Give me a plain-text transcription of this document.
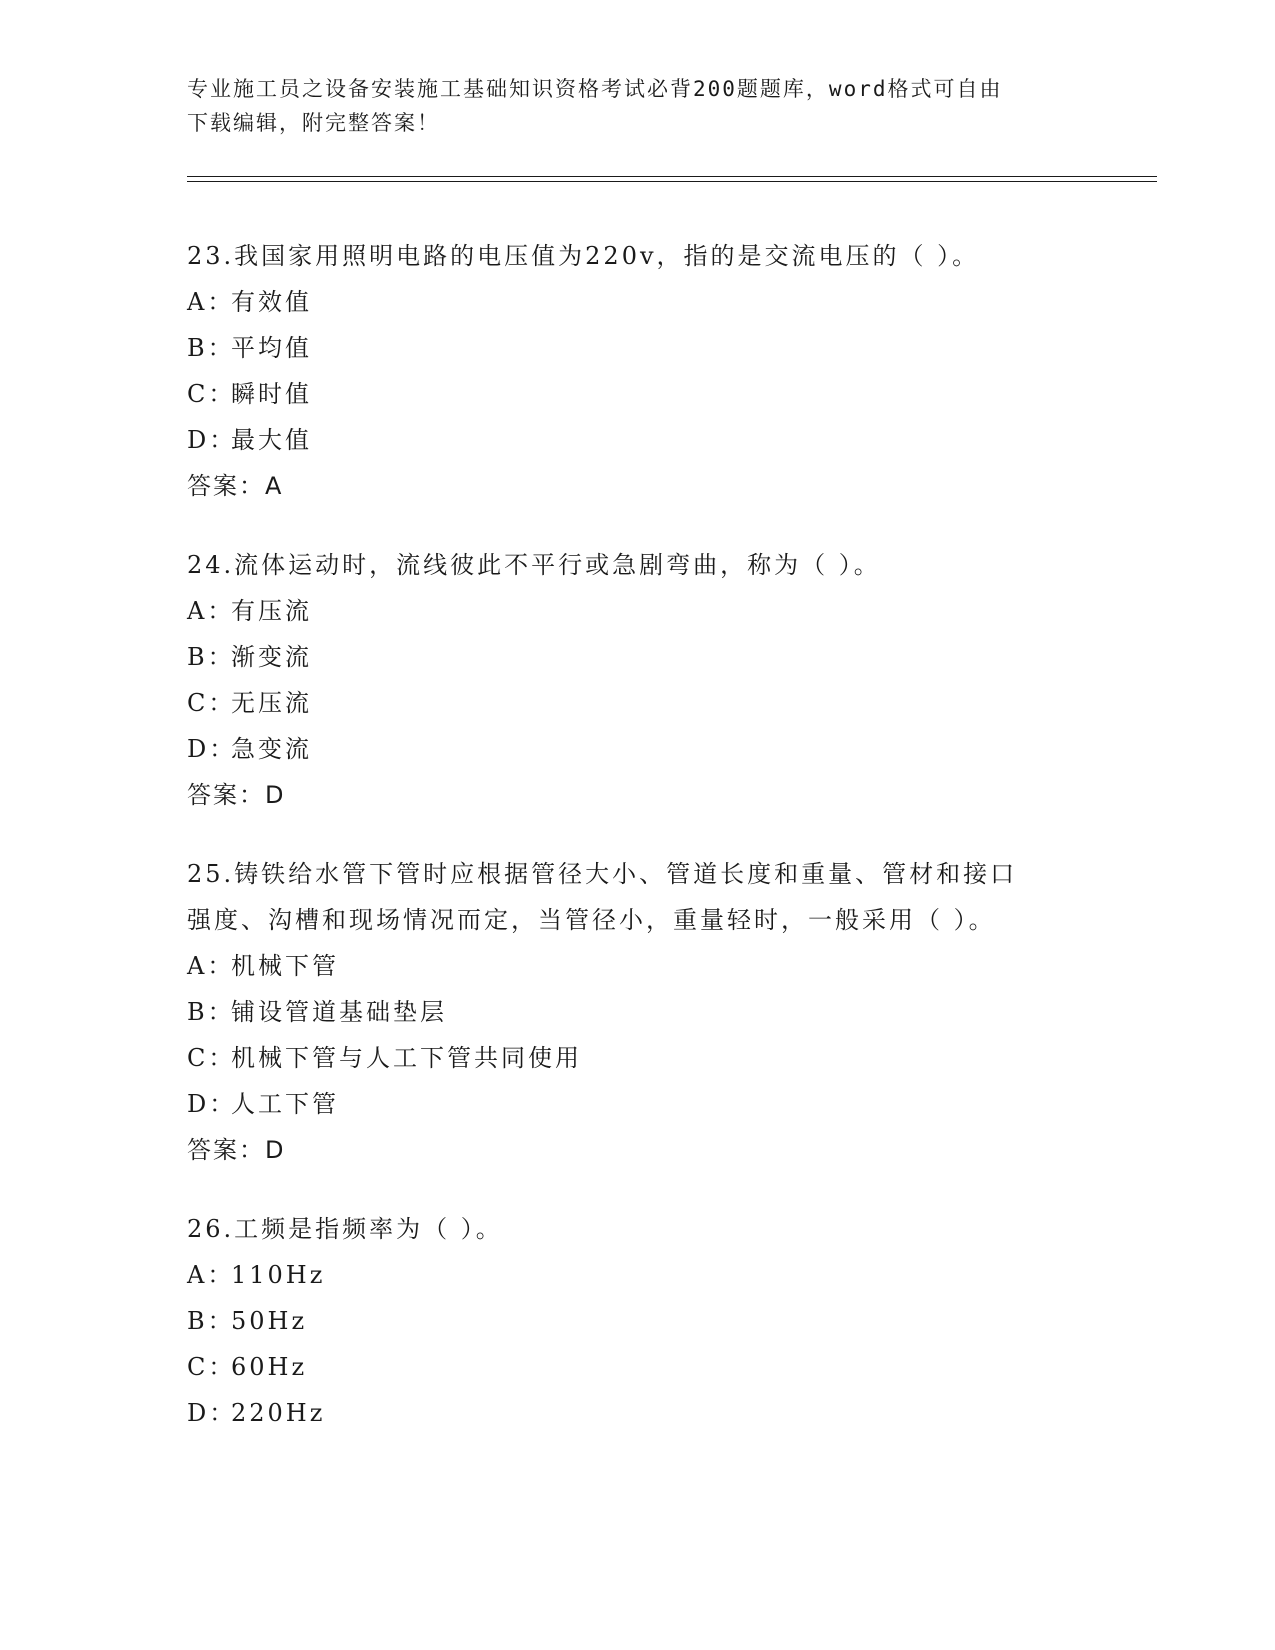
专业施工员之设备安装施工基础知识资格考试必背200题题库，word格式可自由
下载编辑，附完整答案！

23.我国家用照明电路的电压值为220v，指的是交流电压的（ ）。

A：
有效值
B：
平均值
C：
瞬时值
D：
最大值

答案：A

24.流体运动时，流线彼此不平行或急剧弯曲，称为（ ）。

A：
有压流
B：
渐变流
C：
无压流
D：
急变流

答案：D

25.铸铁给水管下管时应根据管径大小、管道长度和重量、管材和接口

强度、沟槽和现场情况而定，当管径小，重量轻时，一般采用（ ）。

A：
机械下管
B：
铺设管道基础垫层
C：
机械下管与人工下管共同使用
D：
人工下管

答案：D

26.工频是指频率为（ ）。

A：
110Hz
B：
50Hz
C：
60Hz
D：
220Hz
